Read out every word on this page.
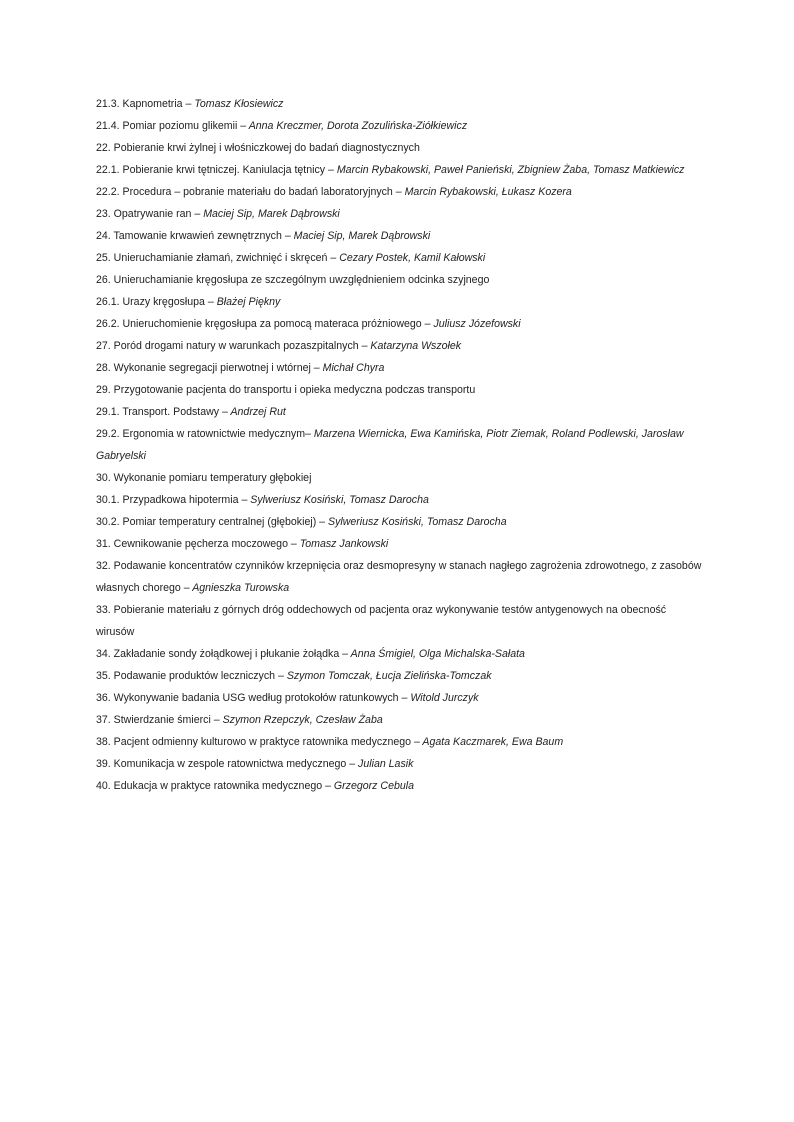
21.3. Kapnometria – Tomasz Kłosiewicz
21.4. Pomiar poziomu glikemii – Anna Kreczmer, Dorota Zozulińska-Ziółkiewicz
22. Pobieranie krwi żylnej i włośniczkowej do badań diagnostycznych
22.1. Pobieranie krwi tętniczej. Kaniulacja tętnicy – Marcin Rybakowski, Paweł Panieński, Zbigniew Żaba, Tomasz Matkiewicz
22.2. Procedura – pobranie materiału do badań laboratoryjnych – Marcin Rybakowski, Łukasz Kozera
23. Opatrywanie ran – Maciej Sip, Marek Dąbrowski
24. Tamowanie krwawień zewnętrznych – Maciej Sip, Marek Dąbrowski
25. Unieruchamianie złamań, zwichnięć i skręceń – Cezary Postek, Kamil Kałowski
26. Unieruchamianie kręgosłupa ze szczególnym uwzględnieniem odcinka szyjnego
26.1. Urazy kręgosłupa – Błażej Piękny
26.2. Unieruchomienie kręgosłupa za pomocą materaca próżniowego – Juliusz Józefowski
27. Poród drogami natury w warunkach pozaszpitalnych – Katarzyna Wszołek
28. Wykonanie segregacji pierwotnej i wtórnej – Michał Chyra
29. Przygotowanie pacjenta do transportu i opieka medyczna podczas transportu
29.1. Transport. Podstawy – Andrzej Rut
29.2. Ergonomia w ratownictwie medycznym– Marzena Wiernicka, Ewa Kamińska, Piotr Ziemak, Roland Podlewski, Jarosław Gabryelski
30. Wykonanie pomiaru temperatury głębokiej
30.1. Przypadkowa hipotermia – Sylweriusz Kosiński, Tomasz Darocha
30.2. Pomiar temperatury centralnej (głębokiej) – Sylweriusz Kosiński, Tomasz Darocha
31. Cewnikowanie pęcherza moczowego – Tomasz Jankowski
32. Podawanie koncentratów czynników krzepnięcia oraz desmopresyny w stanach nagłego zagrożenia zdrowotnego, z zasobów własnych chorego – Agnieszka Turowska
33. Pobieranie materiału z górnych dróg oddechowych od pacjenta oraz wykonywanie testów antygenowych na obecność wirusów
34. Zakładanie sondy żołądkowej i płukanie żołądka – Anna Śmigiel, Olga Michalska-Sałata
35. Podawanie produktów leczniczych – Szymon Tomczak, Łucja Zielińska-Tomczak
36. Wykonywanie badania USG według protokołów ratunkowych – Witold Jurczyk
37. Stwierdzanie śmierci – Szymon Rzepczyk, Czesław Żaba
38. Pacjent odmienny kulturowo w praktyce ratownika medycznego – Agata Kaczmarek, Ewa Baum
39. Komunikacja w zespole ratownictwa medycznego – Julian Lasik
40. Edukacja w praktyce ratownika medycznego – Grzegorz Cebula
